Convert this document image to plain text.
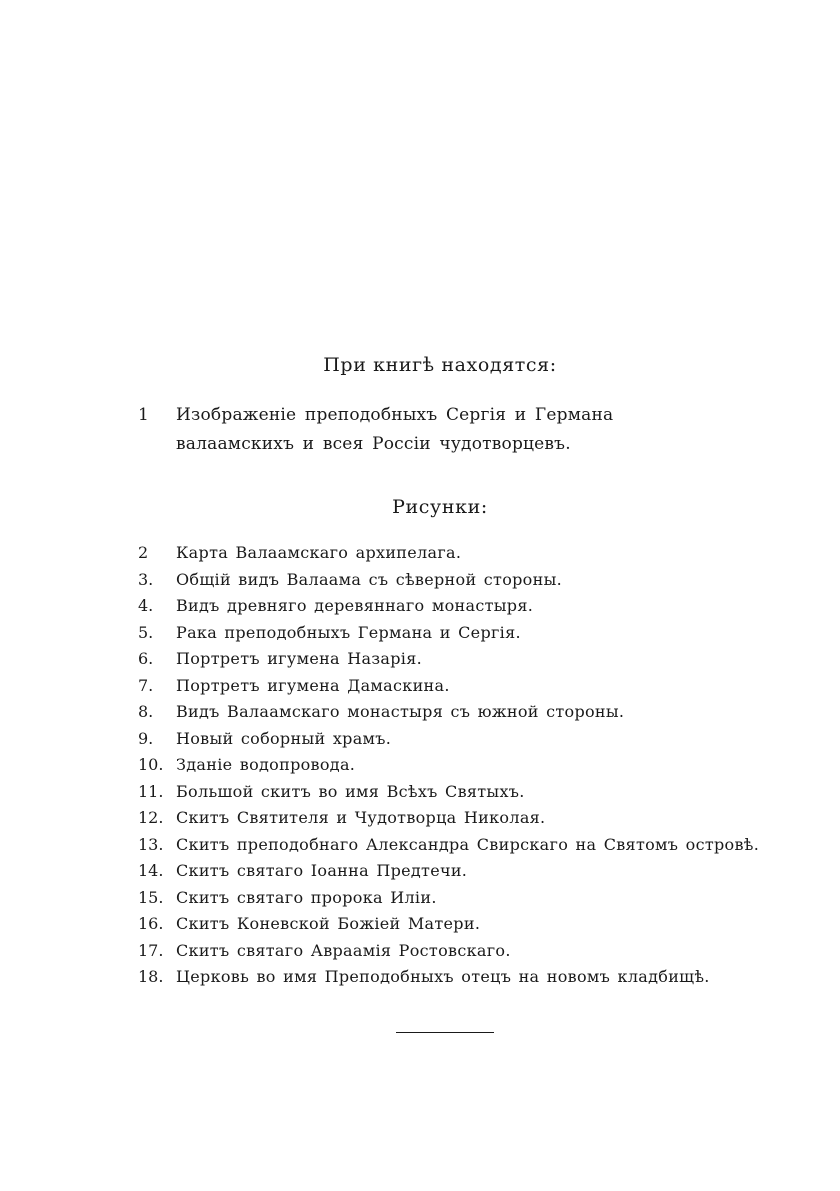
При книгѣ находятся:
1 Изображеніе преподобныхъ Сергія и Германа валаамскихъ и всея Россіи чудотворцевъ.
Рисунки:
2 Карта Валаамскаго архипелага.
3. Общій видъ Валаама съ сѣверной стороны.
4. Видъ древняго деревяннаго монастыря.
5. Рака преподобныхъ Германа и Сергія.
6. Портретъ игумена Назарія.
7. Портретъ игумена Дамаскина.
8. Видъ Валаамскаго монастыря съ южной стороны.
9. Новый соборный храмъ.
10. Зданіе водопровода.
11. Большой скитъ во имя Всѣхъ Святыхъ.
12. Скитъ Святителя и Чудотворца Николая.
13. Скитъ преподобнаго Александра Свирскаго на Святомъ островѣ.
14. Скитъ святаго Іоанна Предтечи.
15. Скитъ святаго пророка Иліи.
16. Скитъ Коневской Божіей Матери.
17. Скитъ святаго Авраамія Ростовскаго.
18. Церковь во имя Преподобныхъ отецъ на новомъ кладбищѣ.
